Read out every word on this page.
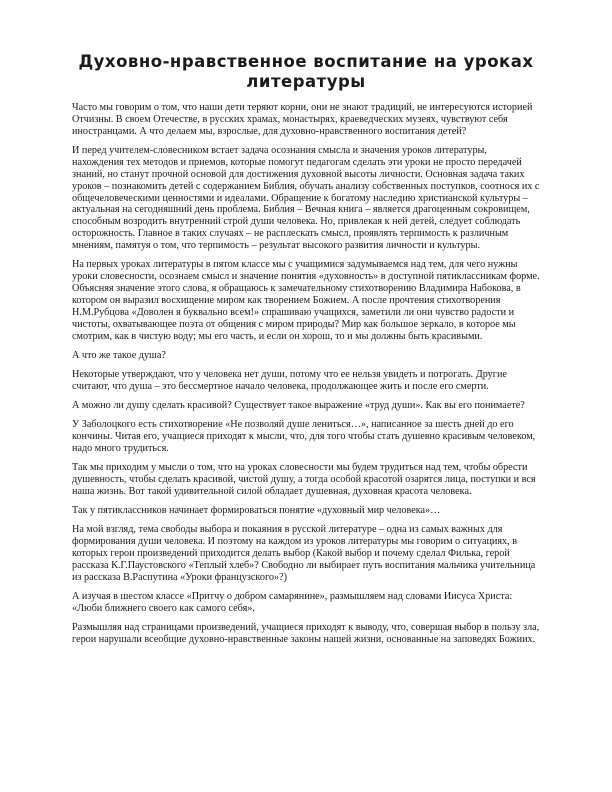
Духовно-нравственное воспитание на уроках литературы

Часто мы говорим о том, что наши дети теряют корни, они не знают традиций, не интересуются историей Отчизны. В своем Отечестве, в русских храмах, монастырях, краеведческих музеях, чувствуют себя иностранцами. А что делаем мы, взрослые, для духовно-нравственного воспитания детей?

И перед учителем-словесником встает задача осознания смысла и значения уроков литературы, нахождения тех методов и приемов, которые помогут педагогам сделать эти уроки не просто передачей знаний, но станут прочной основой для достижения духовной высоты личности. Основная задача таких уроков – познакомить детей с содержанием Библия, обучать анализу собственных поступков, соотнося их с общечеловеческими ценностями и идеалами. Обращение к богатому наследию христианской культуры – актуальная на сегодняшний день проблема. Библия – Вечная книга – является драгоценным сокровищем, способным возродить внутренний строй души человека. Но, привлекая к ней детей, следует соблюдать осторожность. Главное в таких случаях – не расплескать смысл, проявлять терпимость к различным мнениям, памятуя о том, что терпимость – результат высокого развития личности и культуры.

На первых уроках литературы в пятом классе мы с учащимися задумываемся над тем, для чего нужны уроки словесности, осознаем смысл и значение понятия «духовность» в доступной пятиклассникам форме. Объясняя значение этого слова, я обращаюсь к замечательному стихотворению Владимира Набокова, в котором он выразил восхищение миром как творением Божием. А после прочтения стихотворения Н.М.Рубцова «Доволен я буквально всем!» спрашиваю учащихся, заметили ли они чувство радости и чистоты, охватывающее поэта от общения с миром природы? Мир как большое зеркало, в которое мы смотрим, как в чистую воду; мы его часть, и если он хорош, то и мы должны быть красивыми.

А что же такое душа?

Некоторые утверждают, что у человека нет души, потому что ее нельзя увидеть и потрогать. Другие считают, что душа – это бессмертное начало человека, продолжающее жить и после его смерти.

А можно ли душу сделать красивой? Существует такое выражение «труд души». Как вы его понимаете?

У Заболоцкого есть стихотворение «Не позволяй душе лениться…», написанное за шесть дней до его кончины. Читая его, учащиеся приходят к мысли, что, для того чтобы стать душевно красивым человеком, надо много трудиться.

Так мы приходим у мысли о том, что на уроках словесности мы будем трудиться над тем, чтобы обрести душевность, чтобы сделать красивой, чистой душу, а тогда особой красотой озарятся лица, поступки и вся наша жизнь. Вот такой удивительной силой обладает душевная, духовная красота человека.

Так у пятиклассников начинает формироваться понятие «духовный мир человека»…

На мой взгляд, тема свободы выбора и покаяния в русской литературе – одна из самых важных для формирования души человека. И поэтому на каждом из уроков литературы мы говорим о ситуациях, в которых герои произведений приходится делать выбор (Какой выбор и почему сделал Филька, герой рассказа К.Г.Паустовского «Теплый хлеб»? Свободно ли выбирает путь воспитания мальчика учительница из рассказа В.Распутина «Уроки французского»?)

А изучая в шестом классе «Притчу о добром самарянине», размышляем над словами Иисуса Христа: «Люби ближнего своего как самого себя».

Размышляя над страницами произведений, учащиеся приходят к выводу, что, совершая выбор в пользу зла, герои нарушали всеобщие духовно-нравственные законы нашей жизни, основанные на заповедях Божиих.
